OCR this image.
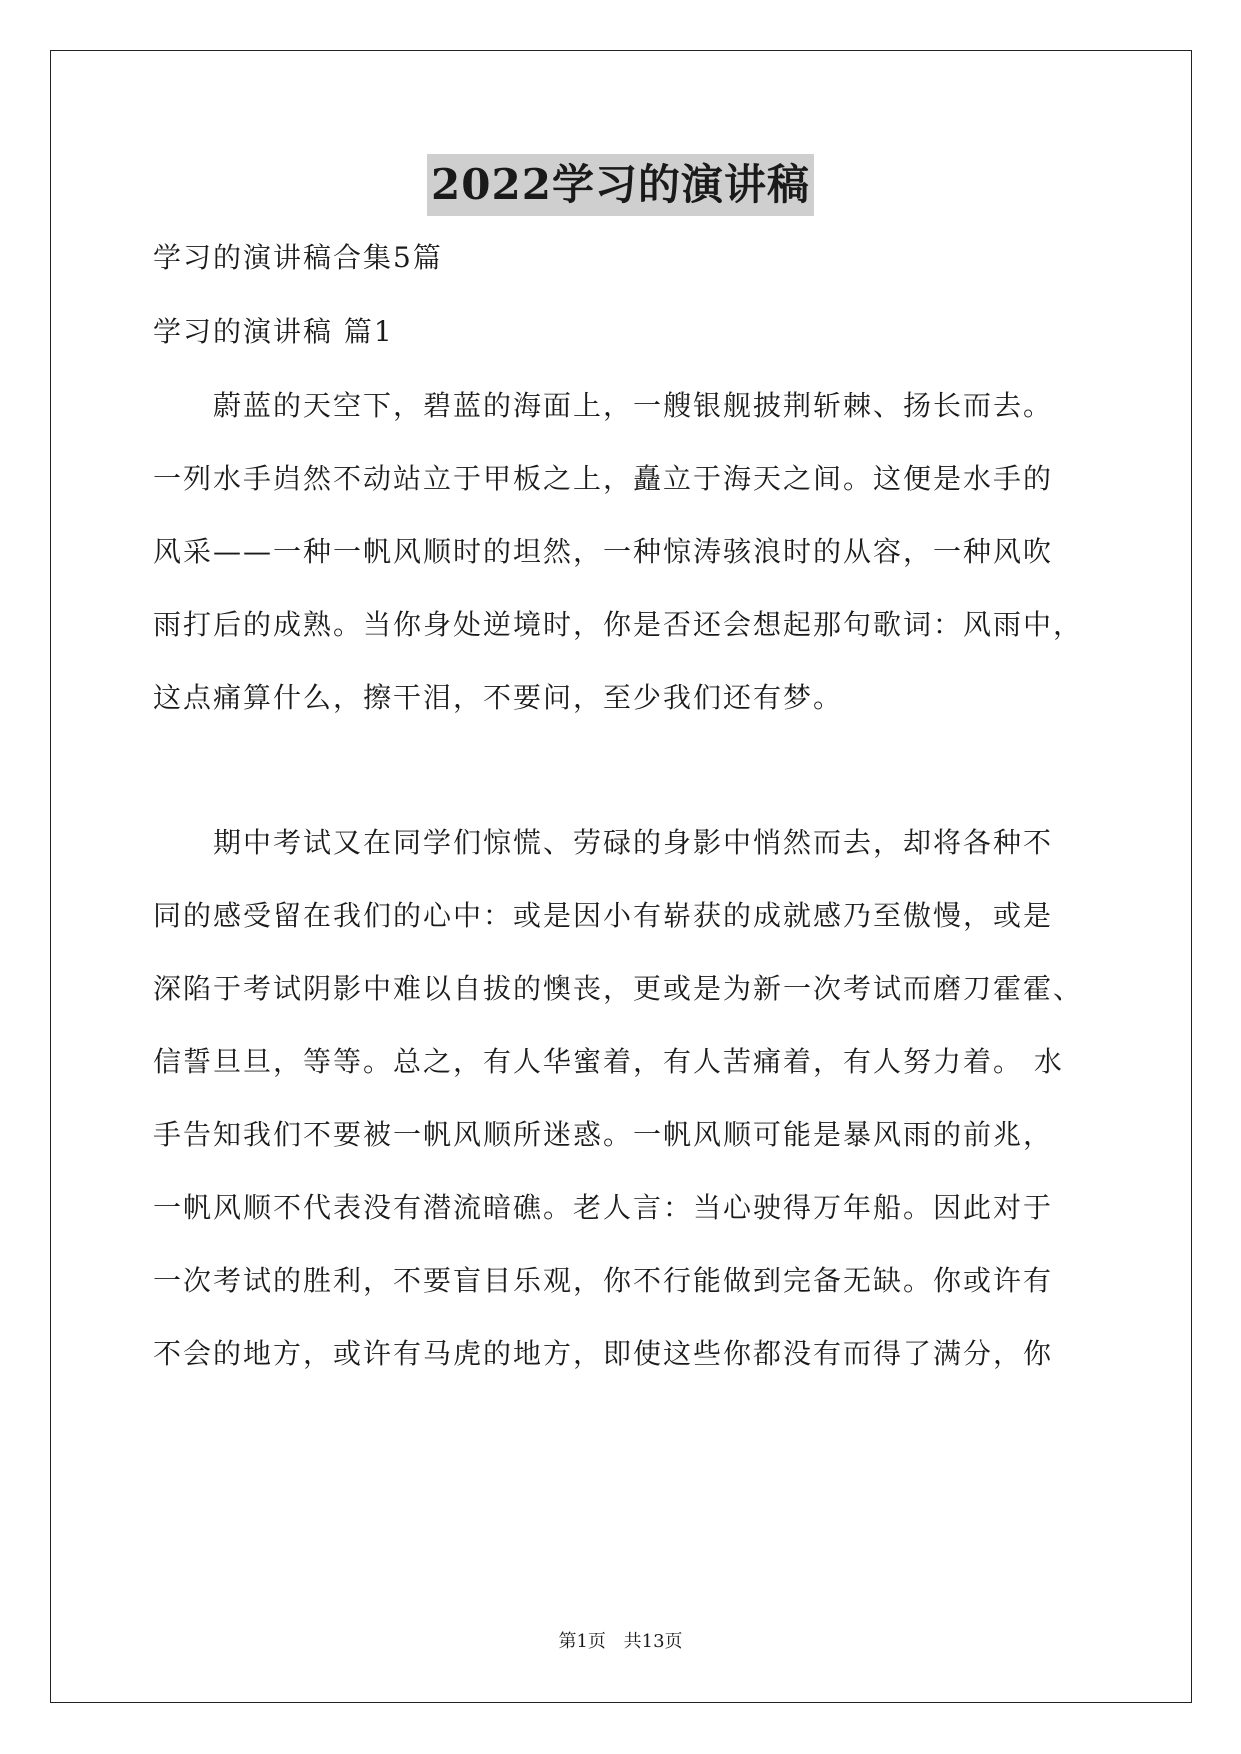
2022学习的演讲稿
学习的演讲稿合集5篇
学习的演讲稿 篇1
　　蔚蓝的天空下，碧蓝的海面上，一艘银舰披荆斩棘、扬长而去。
一列水手岿然不动站立于甲板之上，矗立于海天之间。这便是水手的
风采——一种一帆风顺时的坦然，一种惊涛骇浪时的从容，一种风吹
雨打后的成熟。当你身处逆境时，你是否还会想起那句歌词：风雨中，
这点痛算什么，擦干泪，不要问，至少我们还有梦。
　　期中考试又在同学们惊慌、劳碌的身影中悄然而去，却将各种不
同的感受留在我们的心中：或是因小有崭获的成就感乃至傲慢，或是
深陷于考试阴影中难以自拔的懊丧，更或是为新一次考试而磨刀霍霍、
信誓旦旦，等等。总之，有人华蜜着，有人苦痛着，有人努力着。 水
手告知我们不要被一帆风顺所迷惑。一帆风顺可能是暴风雨的前兆，
一帆风顺不代表没有潜流暗礁。老人言：当心驶得万年船。因此对于
一次考试的胜利，不要盲目乐观，你不行能做到完备无缺。你或许有
不会的地方，或许有马虎的地方，即使这些你都没有而得了满分，你
第1页 共13页
